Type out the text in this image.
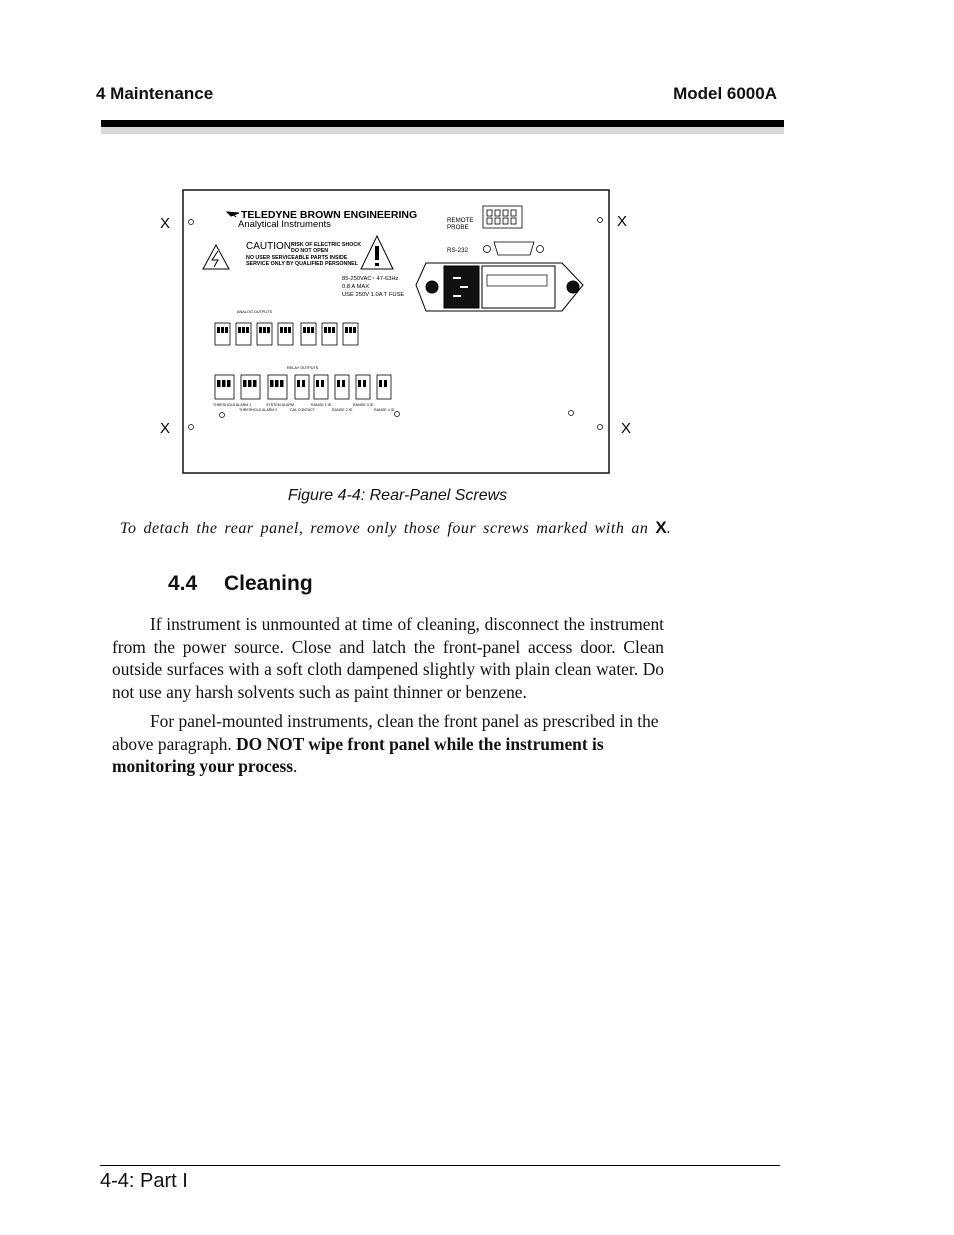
4 Maintenance	Model 6000A
X	X
X	X
TELEDYNE BROWN ENGINEERING
Analytical Instruments
CAUTION:
RISK OF ELECTRIC SHOCK
DO NOT OPEN
NO USER SERVICEABLE PARTS INSIDE
SERVICE ONLY BY QUALIFIED PERSONNEL
REMOTE
PROBE
RS-232
85-250VAC~ 47-63Hz
0.8 A MAX
USE 250V 1.0A T FUSE
ANALOG OUTPUTS
RELAY OUTPUTS
THRESHOLD ALARM 1
THRESHOLD ALARM 2
SYSTEM ALARM
CAL CONTACT
RANGE 1 ID
RANGE 2 ID
RANGE 3 ID
RANGE 4 ID
Figure 4-4: Rear-Panel Screws
To detach the rear panel, remove only those four screws marked with an X.
4.4 Cleaning

If instrument is unmounted at time of cleaning, disconnect the instrument from the power source. Close and latch the front-panel access door. Clean outside surfaces with a soft cloth dampened slightly with plain clean water. Do not use any harsh solvents such as paint thinner or benzene.

For panel-mounted instruments, clean the front panel as prescribed in the above paragraph. DO NOT wipe front panel while the instrument is monitoring your process.

4-4: Part I
